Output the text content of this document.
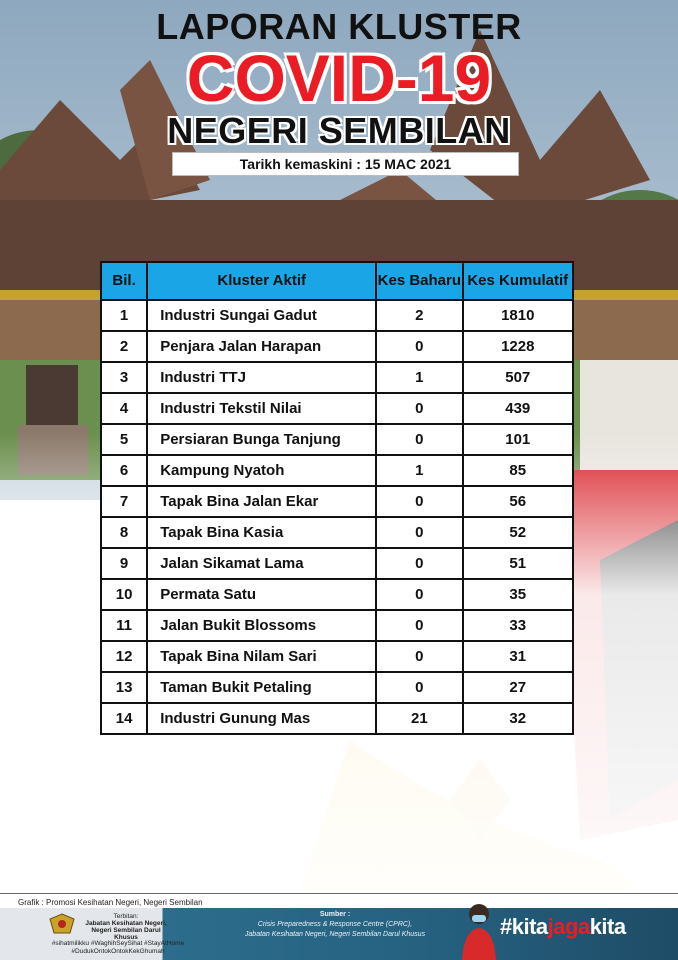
LAPORAN KLUSTER
COVID-19
NEGERI SEMBILAN
Tarikh kemaskini : 15 MAC 2021
Bil.	Kluster Aktif	Kes Baharu	Kes Kumulatif
1	Industri Sungai Gadut	2	1810
2	Penjara Jalan Harapan	0	1228
3	Industri TTJ	1	507
4	Industri Tekstil Nilai	0	439
5	Persiaran Bunga Tanjung	0	101
6	Kampung Nyatoh	1	85
7	Tapak Bina Jalan Ekar	0	56
8	Tapak Bina Kasia	0	52
9	Jalan Sikamat Lama	0	51
10	Permata Satu	0	35
11	Jalan Bukit Blossoms	0	33
12	Tapak Bina Nilam Sari	0	31
13	Taman Bukit Petaling	0	27
14	Industri Gunung Mas	21	32
Grafik : Promosi Kesihatan Negeri, Negeri Sembilan
Terbitan:
Jabatan Kesihatan Negeri,
Negeri Sembilan Darul Khusus
#sihatmilikku #WaghihSeySihat #StayAtHome
#DudukOntokOntokKekGhumah
Sumber :
Crisis Preparedness & Response Centre (CPRC),
Jabatan Kesihatan Negeri, Negeri Sembilan Darul Khusus	#kitajagakita
